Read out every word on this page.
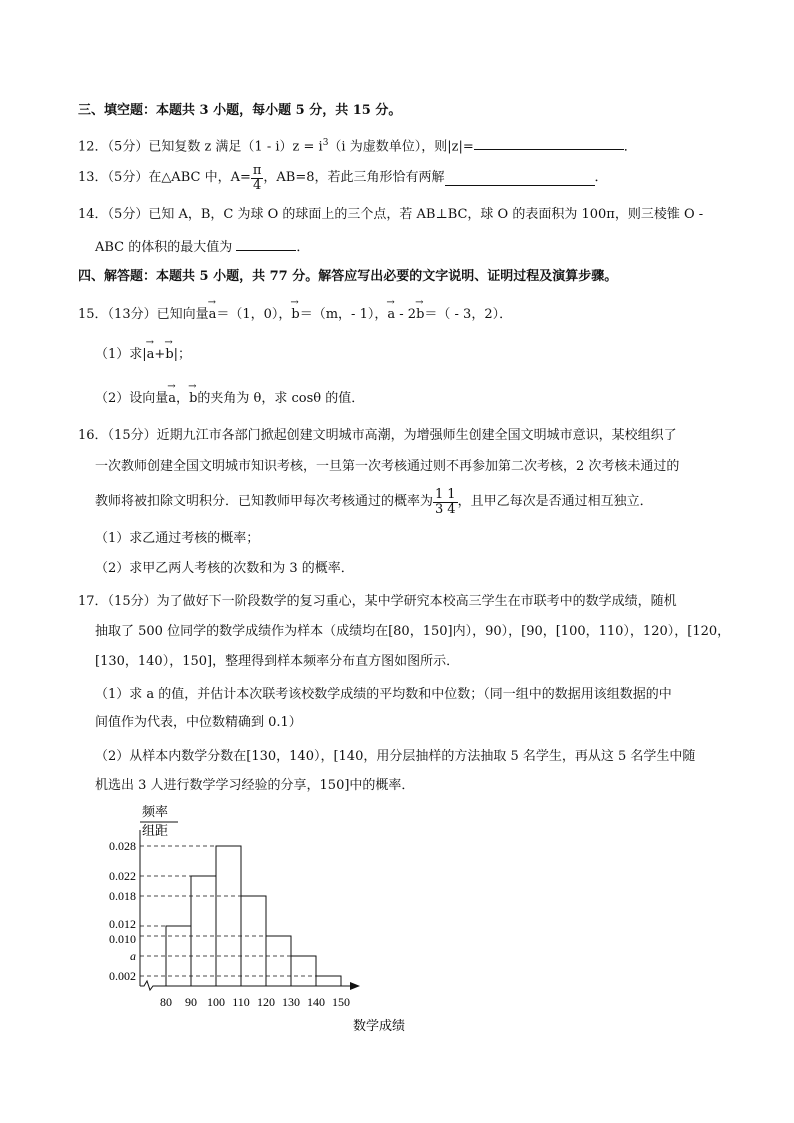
三、填空题：本题共 3 小题，每小题 5 分，共 15 分。
12．（5分）已知复数 z 满足$(1 - i)z = i^3(i$ 为虚数单位），则|z|=	．
13．（5分）在△ABC 中，$A= \frac{\pi}{4}$ ，AB=8，若此三角形恰有两解	．
14．（5分）已知 A，B，C 为球 O 的球面上的三个点，若 AB⊥BC，球 O 的表面积为 100π，则三棱锥 O -
ABC 的体积的最大值为	．
四、解答题：本题共 5 小题，共 77 分。解答应写出必要的文字说明、证明过程及演算步骤。
15．（13分）已知向量→ a＝（1，0），→ b＝（m，- 1），→ a - 2→ b＝（ - 3，2）．
（1）求|→ a+→ b|；
（2）设向量→ a，→ b的夹角为 θ，求 cosθ 的值．
16．（15分）近期九江市各部门掀起创建文明城市高潮，为增强师生创建全国文明城市意识，某校组织了
一次教师创建全国文明城市知识考核，一旦第一次考核通过则不再参加第二次考核，2 次考核未通过的
教师将被扣除文明积分．已知教师甲每次考核通过的概率为 $\frac{1}{3} \frac{1}{4}$ ，且甲乙每次是否通过相互独立．
（1）求乙通过考核的概率；
（2）求甲乙两人考核的次数和为 3 的概率．
17．（15分）为了做好下一阶段数学的复习重心，某中学研究本校高三学生在市联考中的数学成绩，随机
抽取了 500 位同学的数学成绩作为样本（成绩均在[80，150]内），90），[90，[100，110），120），[120，
[130，140），150]，整理得到样本频率分布直方图如图所示．
（1）求 a 的值，并估计本次联考该校数学成绩的平均数和中位数；（同一组中的数据用该组数据的中
间值作为代表，中位数精确到 0.1）
（2）从样本内数学分数在[130，140），[140，用分层抽样的方法抽取 5 名学生，再从这 5 名学生中随
机选出 3 人进行数学学习经验的分享，150]中的概率．
频率
组距
0.028
0.022
0.018
0.012
0.010
a
0.002
80 90 100 110 120 130 140 150
数学成绩
